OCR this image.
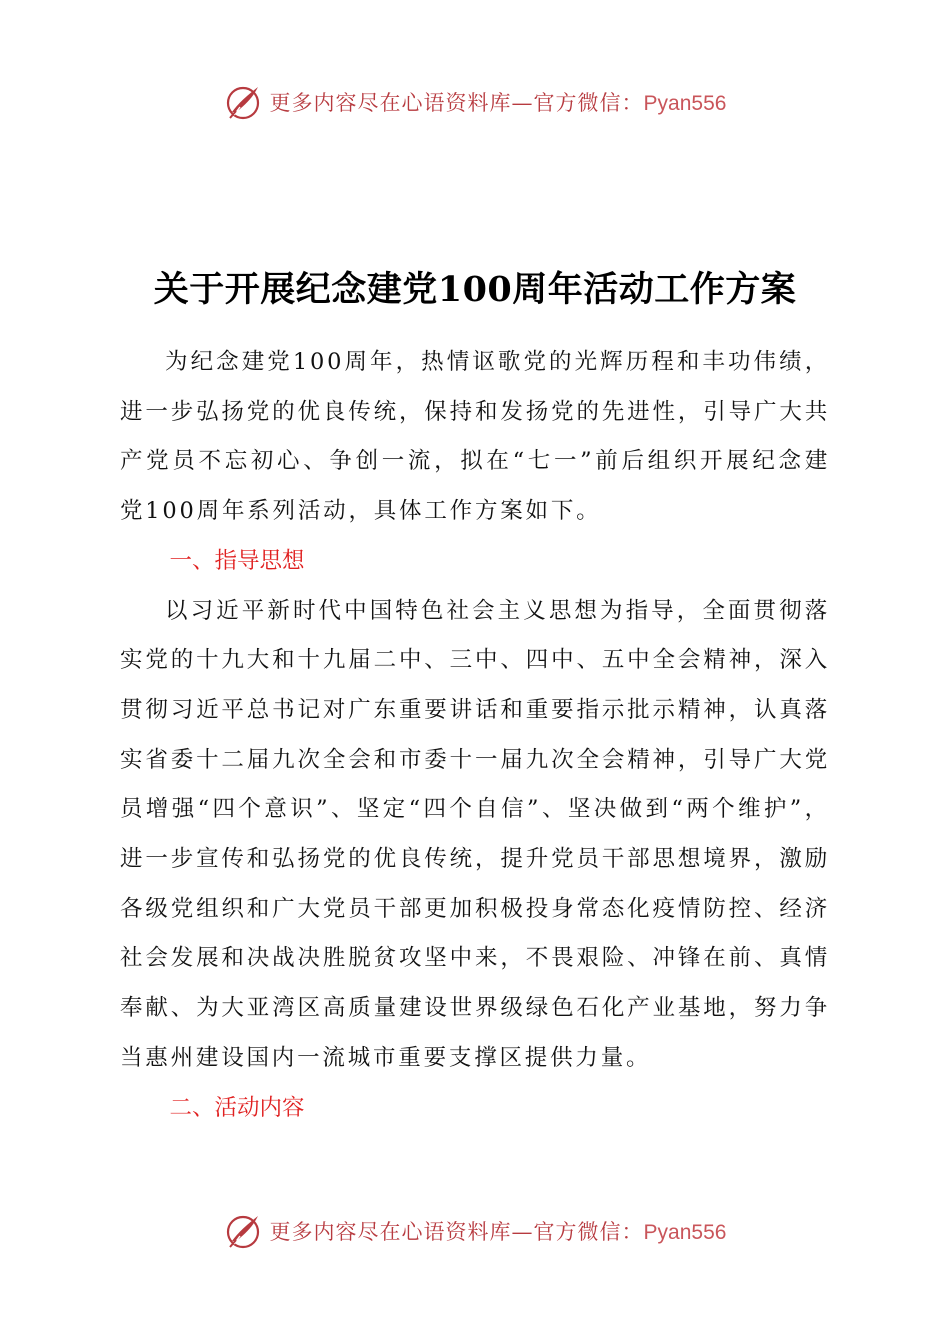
更多内容尽在心语资料库—官方微信：Pyan556
关于开展纪念建党100周年活动工作方案

为纪念建党100周年，热情讴歌党的光辉历程和丰功伟绩，进一步弘扬党的优良传统，保持和发扬党的先进性，引导广大共产党员不忘初心、争创一流，拟在“七一”前后组织开展纪念建党100周年系列活动，具体工作方案如下。

一、指导思想

以习近平新时代中国特色社会主义思想为指导，全面贯彻落实党的十九大和十九届二中、三中、四中、五中全会精神，深入贯彻习近平总书记对广东重要讲话和重要指示批示精神，认真落实省委十二届九次全会和市委十一届九次全会精神，引导广大党员增强“四个意识”、坚定“四个自信”、坚决做到“两个维护”，进一步宣传和弘扬党的优良传统，提升党员干部思想境界，激励各级党组织和广大党员干部更加积极投身常态化疫情防控、经济社会发展和决战决胜脱贫攻坚中来，不畏艰险、冲锋在前、真情奉献、为大亚湾区高质量建设世界级绿色石化产业基地，努力争当惠州建设国内一流城市重要支撑区提供力量。

二、活动内容
更多内容尽在心语资料库—官方微信：Pyan556
